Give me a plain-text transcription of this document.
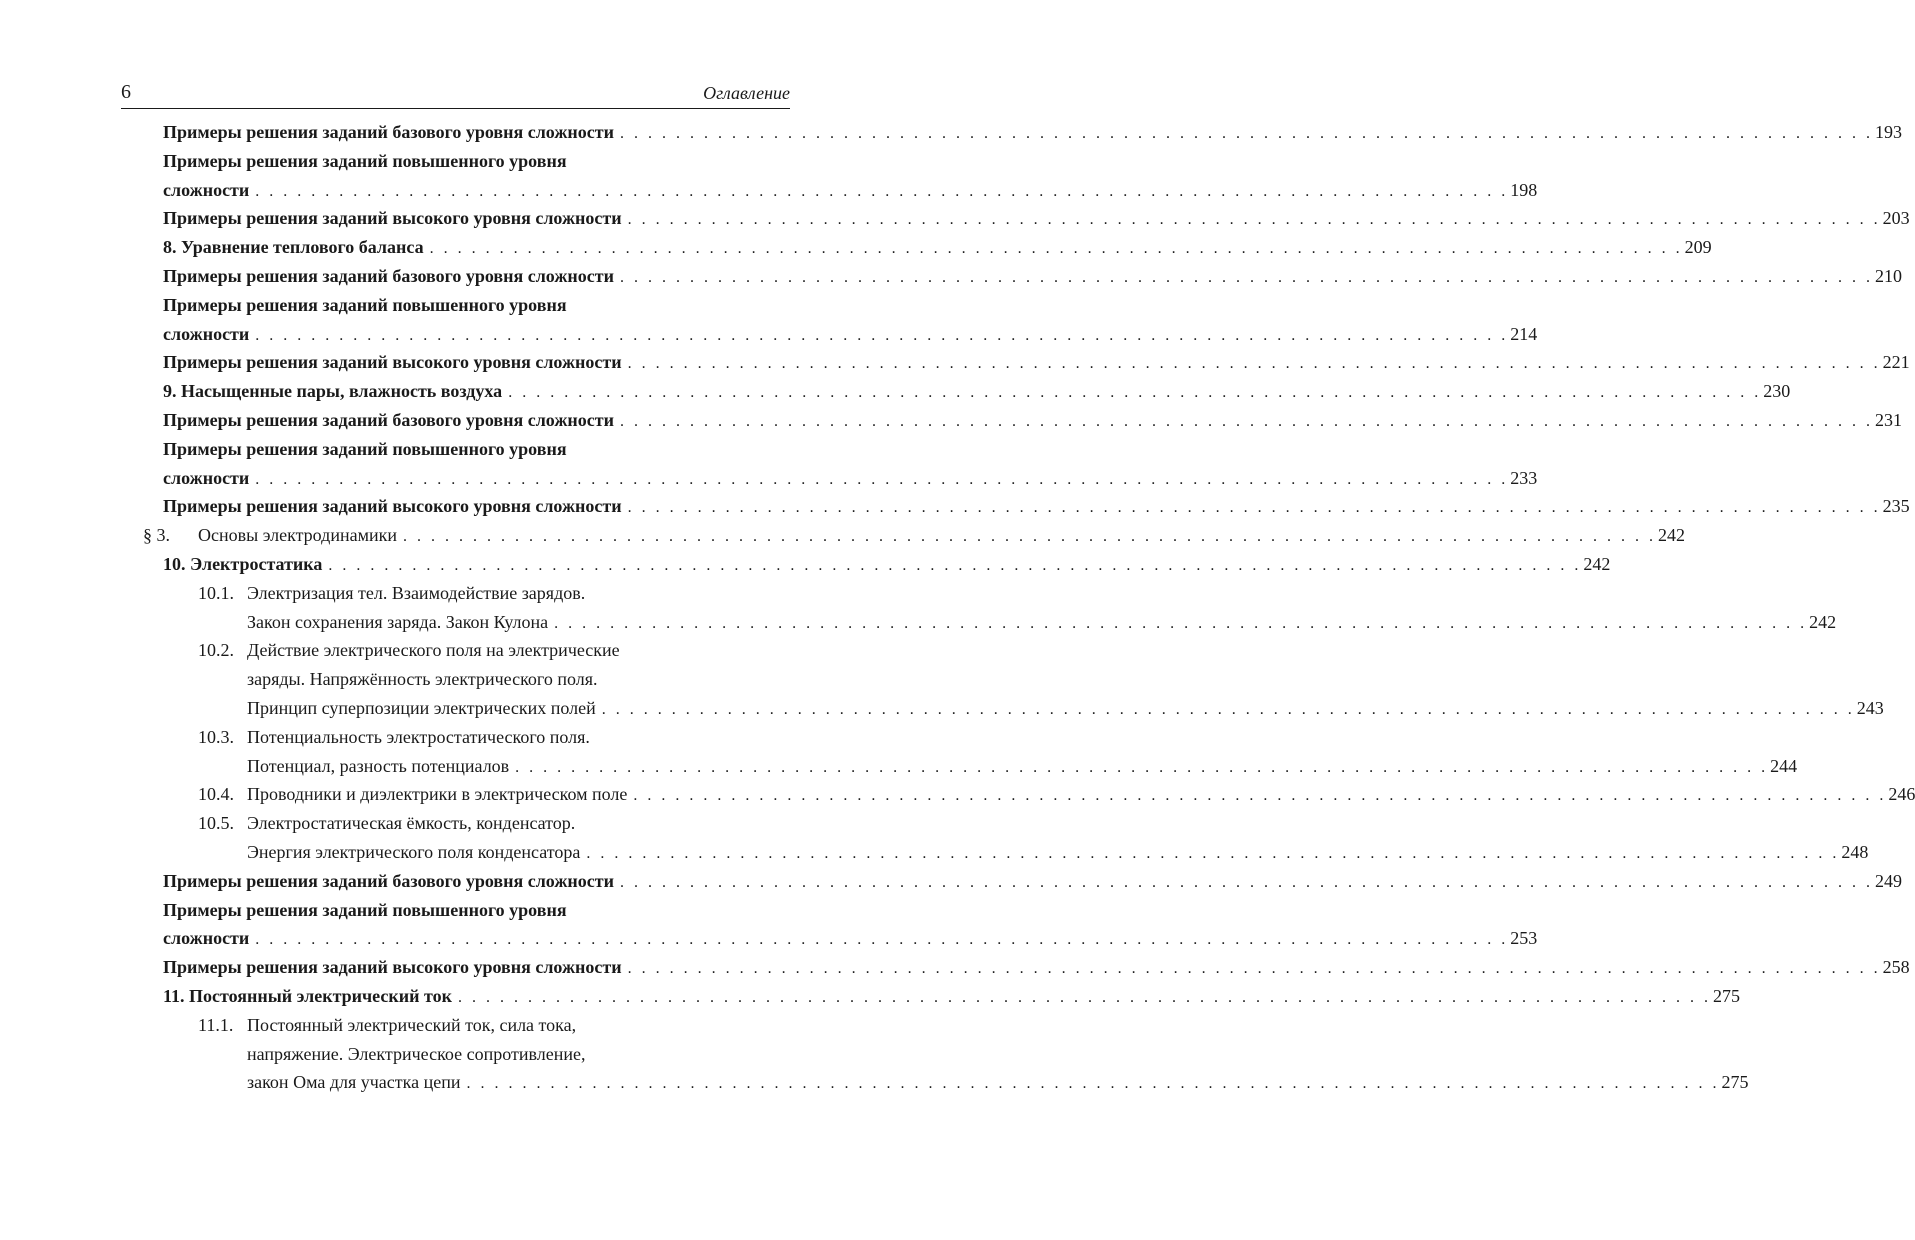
6	Оглавление
Примеры решения заданий базового уровня сложности . . . . . . . . . . . . . . . . . . . . . . . . . . . . . . . . . . . . . . . . . . . . . . . . . . . . . . . . . . . . . . . . . . . . . . . . . . . . . . . . . . . . . . . . . . 193
Примеры решения заданий повышенного уровня
сложности . . . . . . . . . . . . . . . . . . . . . . . . . . . . . . . . . . . . . . . . . . . . . . . . . . . . . . . . . . . . . . . . . . . . . . . . . . . . . . . . . . . . . . . . . . 198
Примеры решения заданий высокого уровня сложности . . . . . . . . . . . . . . . . . . . . . . . . . . . . . . . . . . . . . . . . . . . . . . . . . . . . . . . . . . . . . . . . . . . . . . . . . . . . . . . . . . . . . . . . . . 203
8. Уравнение теплового баланса . . . . . . . . . . . . . . . . . . . . . . . . . . . . . . . . . . . . . . . . . . . . . . . . . . . . . . . . . . . . . . . . . . . . . . . . . . . . . . . . . . . . . . . . . . 209
Примеры решения заданий базового уровня сложности . . . . . . . . . . . . . . . . . . . . . . . . . . . . . . . . . . . . . . . . . . . . . . . . . . . . . . . . . . . . . . . . . . . . . . . . . . . . . . . . . . . . . . . . . . 210
Примеры решения заданий повышенного уровня
сложности . . . . . . . . . . . . . . . . . . . . . . . . . . . . . . . . . . . . . . . . . . . . . . . . . . . . . . . . . . . . . . . . . . . . . . . . . . . . . . . . . . . . . . . . . . 214
Примеры решения заданий высокого уровня сложности . . . . . . . . . . . . . . . . . . . . . . . . . . . . . . . . . . . . . . . . . . . . . . . . . . . . . . . . . . . . . . . . . . . . . . . . . . . . . . . . . . . . . . . . . . 221
9. Насыщенные пары, влажность воздуха . . . . . . . . . . . . . . . . . . . . . . . . . . . . . . . . . . . . . . . . . . . . . . . . . . . . . . . . . . . . . . . . . . . . . . . . . . . . . . . . . . . . . . . . . . 230
Примеры решения заданий базового уровня сложности . . . . . . . . . . . . . . . . . . . . . . . . . . . . . . . . . . . . . . . . . . . . . . . . . . . . . . . . . . . . . . . . . . . . . . . . . . . . . . . . . . . . . . . . . . 231
Примеры решения заданий повышенного уровня
сложности . . . . . . . . . . . . . . . . . . . . . . . . . . . . . . . . . . . . . . . . . . . . . . . . . . . . . . . . . . . . . . . . . . . . . . . . . . . . . . . . . . . . . . . . . . 233
Примеры решения заданий высокого уровня сложности . . . . . . . . . . . . . . . . . . . . . . . . . . . . . . . . . . . . . . . . . . . . . . . . . . . . . . . . . . . . . . . . . . . . . . . . . . . . . . . . . . . . . . . . . . 235
§ 3.	Основы электродинамики . . . . . . . . . . . . . . . . . . . . . . . . . . . . . . . . . . . . . . . . . . . . . . . . . . . . . . . . . . . . . . . . . . . . . . . . . . . . . . . . . . . . . . . . . . 242
10. Электростатика . . . . . . . . . . . . . . . . . . . . . . . . . . . . . . . . . . . . . . . . . . . . . . . . . . . . . . . . . . . . . . . . . . . . . . . . . . . . . . . . . . . . . . . . . . 242
10.1. Электризация тел. Взаимодействие зарядов.
Закон сохранения заряда. Закон Кулона . . . . . . . . . . . . . . . . . . . . . . . . . . . . . . . . . . . . . . . . . . . . . . . . . . . . . . . . . . . . . . . . . . . . . . . . . . . . . . . . . . . . . . . . . . 242
10.2. Действие электрического поля на электрические
заряды. Напряжённость электрического поля.
Принцип суперпозиции электрических полей . . . . . . . . . . . . . . . . . . . . . . . . . . . . . . . . . . . . . . . . . . . . . . . . . . . . . . . . . . . . . . . . . . . . . . . . . . . . . . . . . . . . . . . . . . 243
10.3. Потенциальность электростатического поля.
Потенциал, разность потенциалов . . . . . . . . . . . . . . . . . . . . . . . . . . . . . . . . . . . . . . . . . . . . . . . . . . . . . . . . . . . . . . . . . . . . . . . . . . . . . . . . . . . . . . . . . . 244
10.4. Проводники и диэлектрики в электрическом поле . . . . . . . . . . . . . . . . . . . . . . . . . . . . . . . . . . . . . . . . . . . . . . . . . . . . . . . . . . . . . . . . . . . . . . . . . . . . . . . . . . . . . . . . . . 246
10.5. Электростатическая ёмкость, конденсатор.
Энергия электрического поля конденсатора . . . . . . . . . . . . . . . . . . . . . . . . . . . . . . . . . . . . . . . . . . . . . . . . . . . . . . . . . . . . . . . . . . . . . . . . . . . . . . . . . . . . . . . . . . 248
Примеры решения заданий базового уровня сложности . . . . . . . . . . . . . . . . . . . . . . . . . . . . . . . . . . . . . . . . . . . . . . . . . . . . . . . . . . . . . . . . . . . . . . . . . . . . . . . . . . . . . . . . . . 249
Примеры решения заданий повышенного уровня
сложности . . . . . . . . . . . . . . . . . . . . . . . . . . . . . . . . . . . . . . . . . . . . . . . . . . . . . . . . . . . . . . . . . . . . . . . . . . . . . . . . . . . . . . . . . . 253
Примеры решения заданий высокого уровня сложности . . . . . . . . . . . . . . . . . . . . . . . . . . . . . . . . . . . . . . . . . . . . . . . . . . . . . . . . . . . . . . . . . . . . . . . . . . . . . . . . . . . . . . . . . . 258
11. Постоянный электрический ток . . . . . . . . . . . . . . . . . . . . . . . . . . . . . . . . . . . . . . . . . . . . . . . . . . . . . . . . . . . . . . . . . . . . . . . . . . . . . . . . . . . . . . . . . . 275
11.1. Постоянный электрический ток, сила тока,
напряжение. Электрическое сопротивление,
закон Ома для участка цепи . . . . . . . . . . . . . . . . . . . . . . . . . . . . . . . . . . . . . . . . . . . . . . . . . . . . . . . . . . . . . . . . . . . . . . . . . . . . . . . . . . . . . . . . . . 275
